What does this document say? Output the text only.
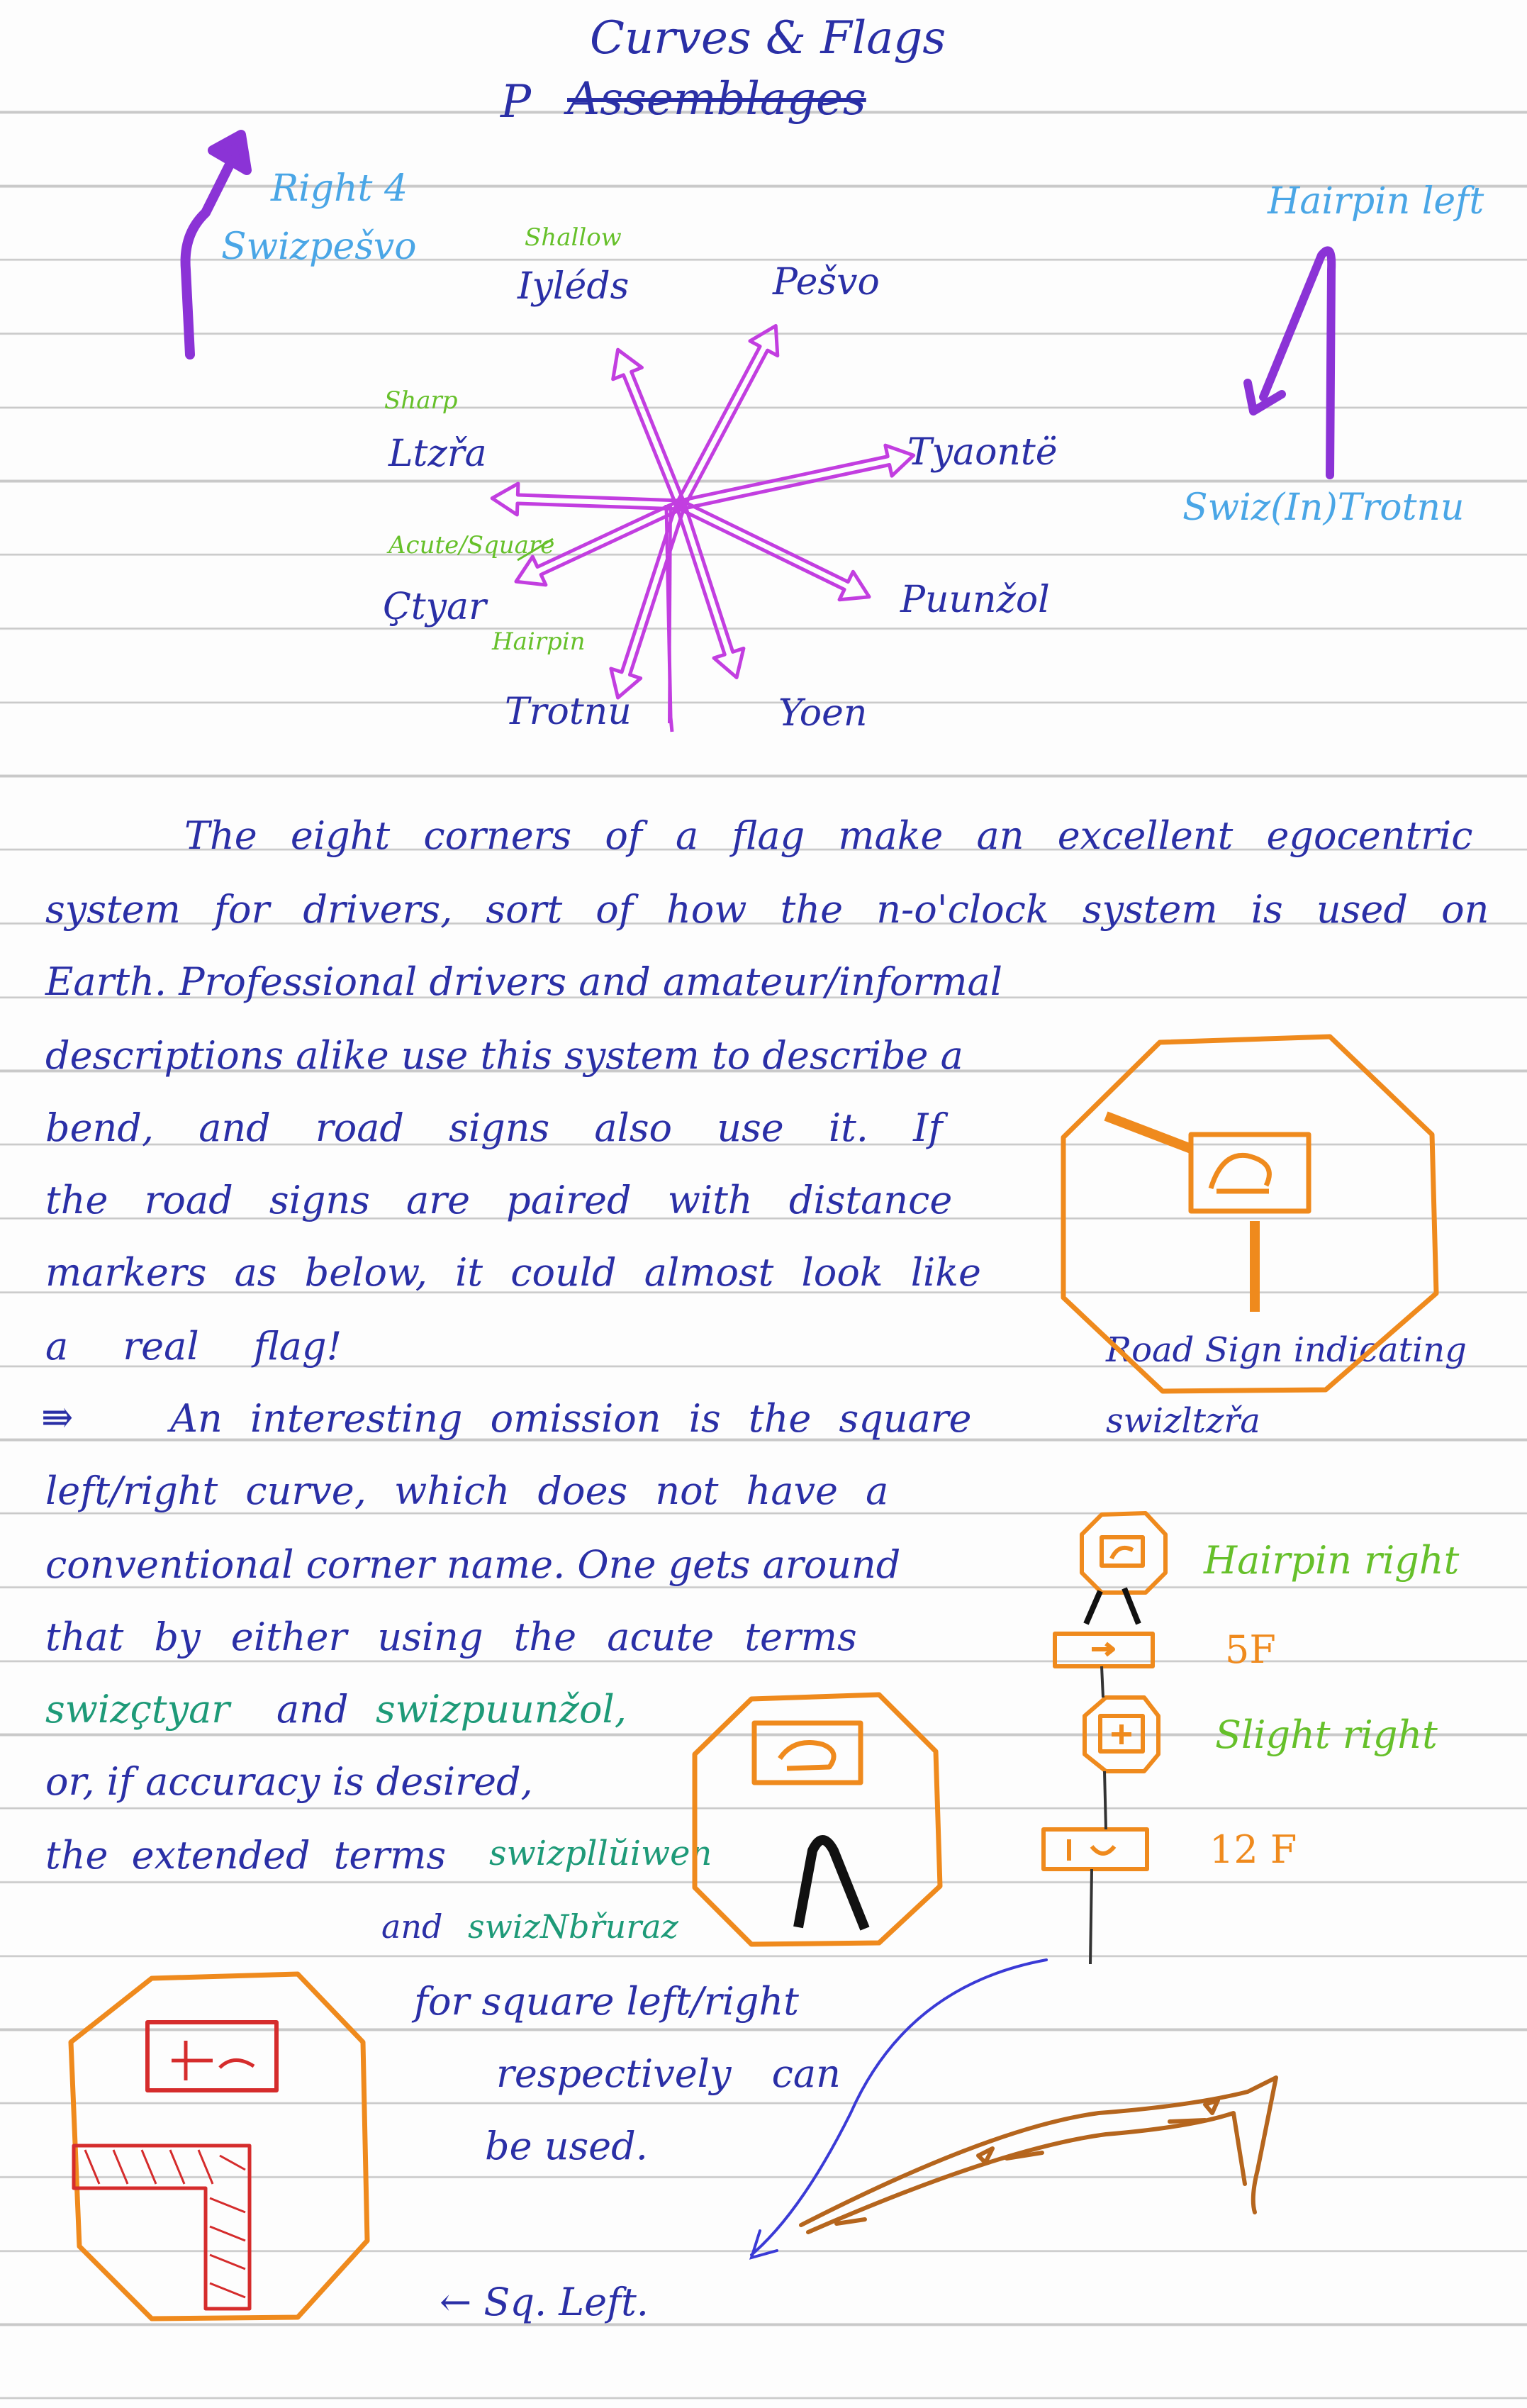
Curves & Flags
P Assemblages
Right 4
Swizpešvo
Hairpin left
Swiz(In)Trotnu
Shallow
Iyléds	Pešvo
Sharp
Ltzřa	Tyaontë
Acute/Square
Çtyar	Puunžol
Hairpin
Trotnu	Yoen
The eight corners of a flag make an excellent egocentric
system for drivers, sort of how the n-o'clock system is used on
Earth. Professional drivers and amateur/informal
descriptions alike use this system to describe a
bend, and road signs also use it. If
the road signs are paired with distance
markers as below, it could almost look like
a real flag!	Road Sign indicating
swizltzřa
⇛	An interesting omission is the square
left/right curve, which does not have a
conventional corner name. One gets around
that by either using the acute terms
swizçtyar and swizpuunžol,
or, if accuracy is desired,
the extended terms swizpllŭiwen
and swizNbřuraz
for square left/right
respectively can
be used.
Hairpin right
5F
Slight right
12 F
← Sq. Left.
